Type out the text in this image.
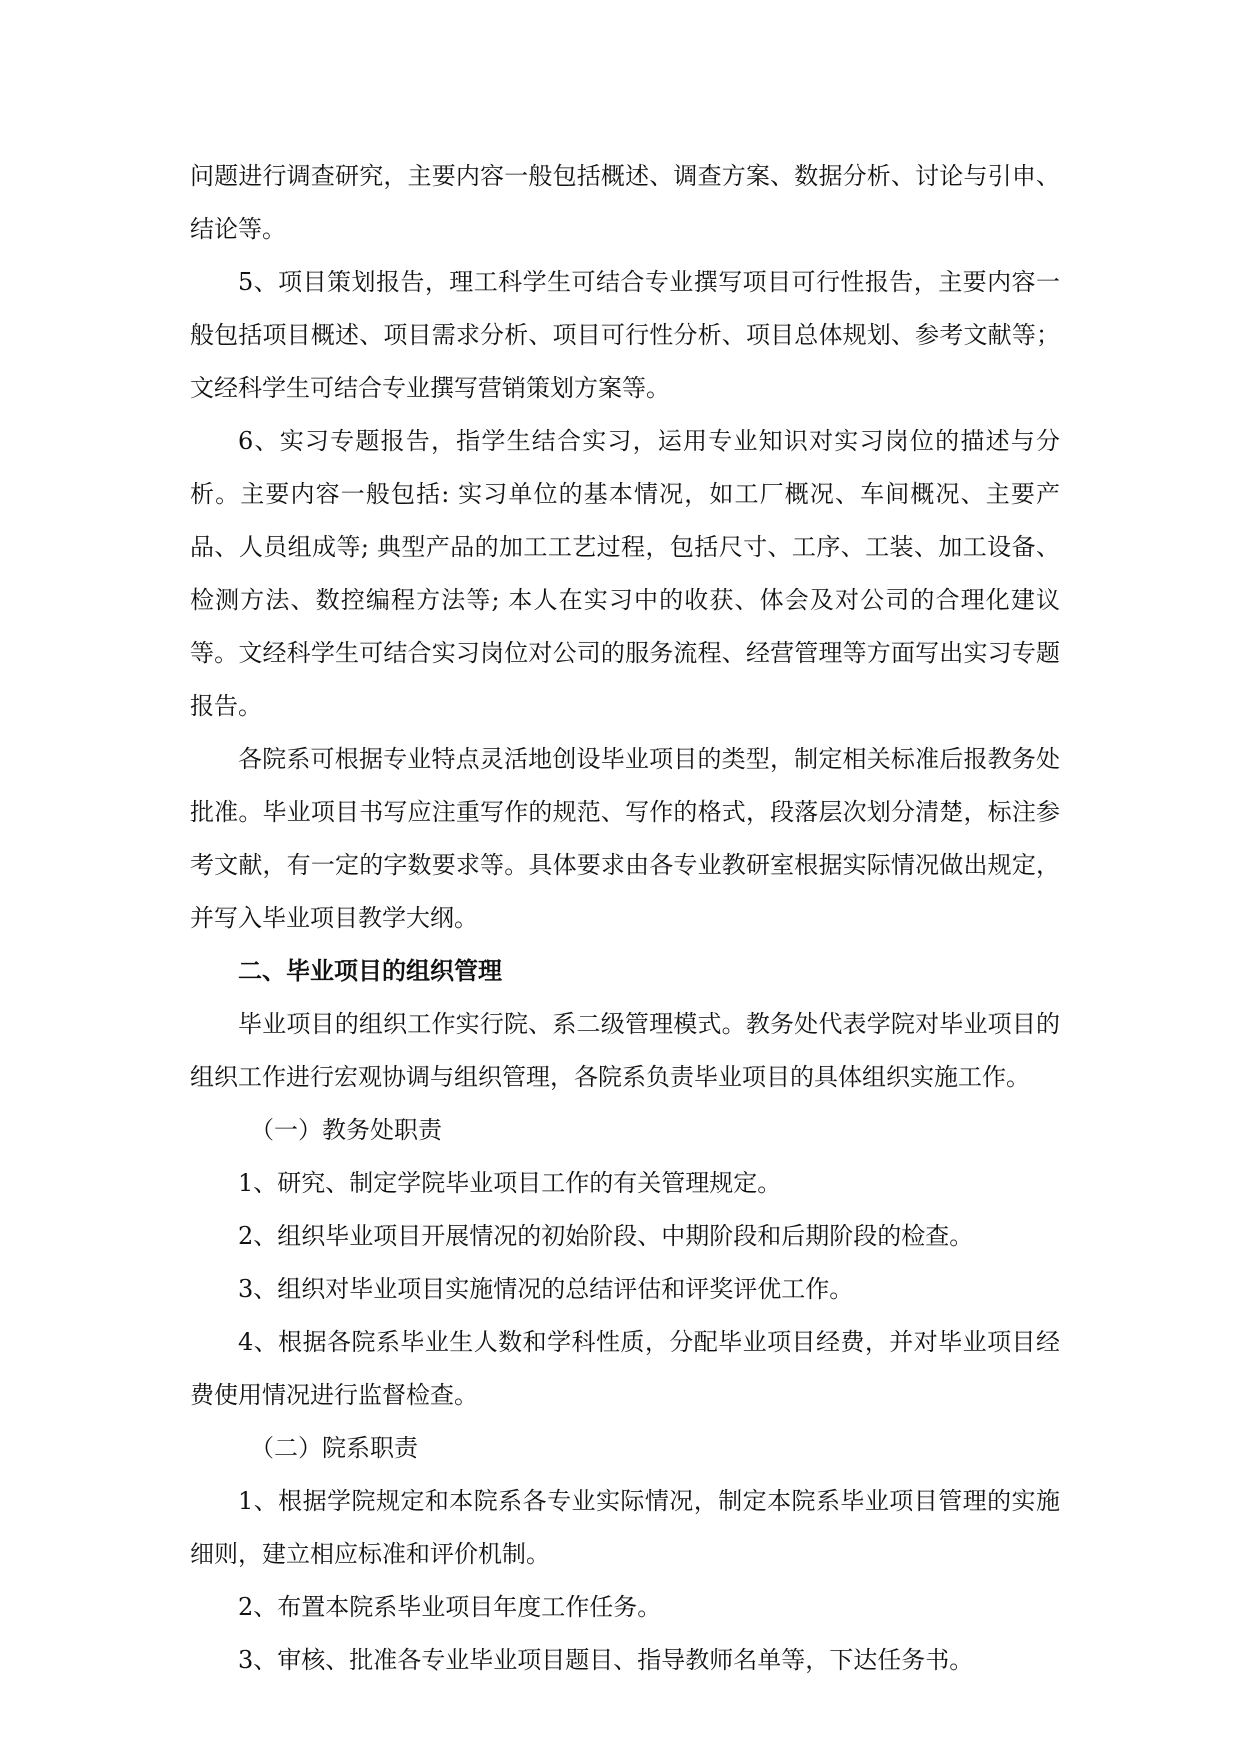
问题进行调查研究，主要内容一般包括概述、调查方案、数据分析、讨论与引申、结论等。

5、项目策划报告，理工科学生可结合专业撰写项目可行性报告，主要内容一般包括项目概述、项目需求分析、项目可行性分析、项目总体规划、参考文献等；文经科学生可结合专业撰写营销策划方案等。

6、实习专题报告，指学生结合实习，运用专业知识对实习岗位的描述与分析。主要内容一般包括: 实习单位的基本情况，如工厂概况、车间概况、主要产品、人员组成等; 典型产品的加工工艺过程，包括尺寸、工序、工装、加工设备、检测方法、数控编程方法等; 本人在实习中的收获、体会及对公司的合理化建议等。文经科学生可结合实习岗位对公司的服务流程、经营管理等方面写出实习专题报告。

各院系可根据专业特点灵活地创设毕业项目的类型，制定相关标准后报教务处批准。毕业项目书写应注重写作的规范、写作的格式，段落层次划分清楚，标注参考文献，有一定的字数要求等。具体要求由各专业教研室根据实际情况做出规定，并写入毕业项目教学大纲。

二、毕业项目的组织管理

毕业项目的组织工作实行院、系二级管理模式。教务处代表学院对毕业项目的组织工作进行宏观协调与组织管理，各院系负责毕业项目的具体组织实施工作。

（一）教务处职责

1、研究、制定学院毕业项目工作的有关管理规定。

2、组织毕业项目开展情况的初始阶段、中期阶段和后期阶段的检查。

3、组织对毕业项目实施情况的总结评估和评奖评优工作。

4、根据各院系毕业生人数和学科性质，分配毕业项目经费，并对毕业项目经费使用情况进行监督检查。

（二）院系职责

1、根据学院规定和本院系各专业实际情况，制定本院系毕业项目管理的实施细则，建立相应标准和评价机制。

2、布置本院系毕业项目年度工作任务。

3、审核、批准各专业毕业项目题目、指导教师名单等，下达任务书。
